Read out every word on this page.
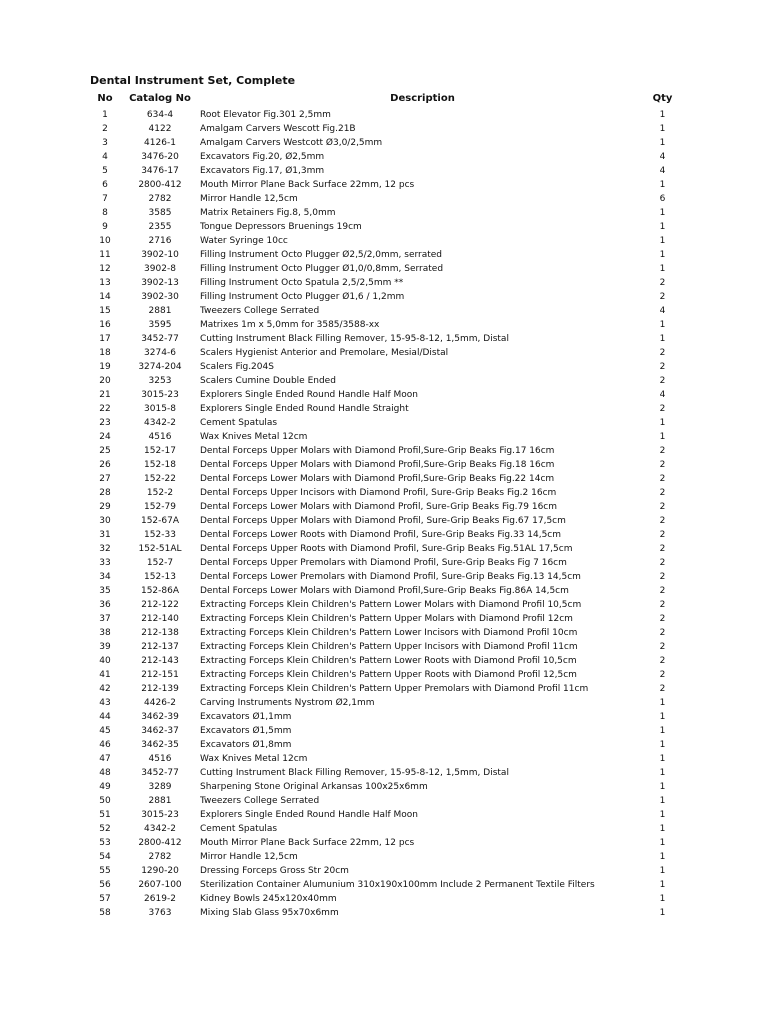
Dental Instrument Set, Complete
No	Catalog No	Description	Qty
1	634-4	Root Elevator Fig.301 2,5mm	1
2	4122	Amalgam Carvers Wescott Fig.21B	1
3	4126-1	Amalgam Carvers Westcott Ø3,0/2,5mm	1
4	3476-20	Excavators Fig.20, Ø2,5mm	4
5	3476-17	Excavators Fig.17, Ø1,3mm	4
6	2800-412	Mouth Mirror Plane Back Surface 22mm, 12 pcs	1
7	2782	Mirror Handle 12,5cm	6
8	3585	Matrix Retainers Fig.8, 5,0mm	1
9	2355	Tongue Depressors Bruenings 19cm	1
10	2716	Water Syringe 10cc	1
11	3902-10	Filling Instrument Octo Plugger Ø2,5/2,0mm, serrated	1
12	3902-8	Filling Instrument Octo Plugger Ø1,0/0,8mm, Serrated	1
13	3902-13	Filling Instrument Octo Spatula 2,5/2,5mm **	2
14	3902-30	Filling Instrument Octo Plugger Ø1,6 / 1,2mm	2
15	2881	Tweezers College Serrated	4
16	3595	Matrixes 1m x 5,0mm for 3585/3588-xx	1
17	3452-77	Cutting Instrument Black Filling Remover, 15-95-8-12, 1,5mm, Distal	1
18	3274-6	Scalers Hygienist Anterior and Premolare, Mesial/Distal	2
19	3274-204	Scalers Fig.204S	2
20	3253	Scalers Cumine Double Ended	2
21	3015-23	Explorers Single Ended Round Handle Half Moon	4
22	3015-8	Explorers Single Ended Round Handle Straight	2
23	4342-2	Cement Spatulas	1
24	4516	Wax Knives Metal 12cm	1
25	152-17	Dental Forceps Upper Molars with Diamond Profil,Sure-Grip Beaks Fig.17 16cm	2
26	152-18	Dental Forceps Upper Molars with Diamond Profil,Sure-Grip Beaks Fig.18 16cm	2
27	152-22	Dental Forceps Lower Molars with Diamond Profil,Sure-Grip Beaks Fig.22 14cm	2
28	152-2	Dental Forceps Upper Incisors with Diamond Profil, Sure-Grip Beaks Fig.2 16cm	2
29	152-79	Dental Forceps Lower Molars with Diamond Profil, Sure-Grip Beaks Fig.79 16cm	2
30	152-67A	Dental Forceps Upper Molars with Diamond Profil, Sure-Grip Beaks Fig.67 17,5cm	2
31	152-33	Dental Forceps Lower Roots with Diamond Profil, Sure-Grip Beaks Fig.33 14,5cm	2
32	152-51AL	Dental Forceps Upper Roots with Diamond Profil, Sure-Grip Beaks Fig.51AL 17,5cm	2
33	152-7	Dental Forceps Upper Premolars with Diamond Profil, Sure-Grip Beaks Fig 7 16cm	2
34	152-13	Dental Forceps Lower Premolars with Diamond Profil, Sure-Grip Beaks Fig.13 14,5cm	2
35	152-86A	Dental Forceps Lower Molars with Diamond Profil,Sure-Grip Beaks Fig.86A 14,5cm	2
36	212-122	Extracting Forceps Klein Children's Pattern Lower Molars with Diamond Profil 10,5cm	2
37	212-140	Extracting Forceps Klein Children's Pattern Upper Molars with Diamond Profil 12cm	2
38	212-138	Extracting Forceps Klein Children's Pattern Lower Incisors with Diamond Profil 10cm	2
39	212-137	Extracting Forceps Klein Children's Pattern Upper Incisors with Diamond Profil 11cm	2
40	212-143	Extracting Forceps Klein Children's Pattern Lower Roots with Diamond Profil 10,5cm	2
41	212-151	Extracting Forceps Klein Children's Pattern Upper Roots with Diamond Profil 12,5cm	2
42	212-139	Extracting Forceps Klein Children's Pattern Upper Premolars with Diamond Profil 11cm	2
43	4426-2	Carving Instruments Nystrom Ø2,1mm	1
44	3462-39	Excavators Ø1,1mm	1
45	3462-37	Excavators Ø1,5mm	1
46	3462-35	Excavators Ø1,8mm	1
47	4516	Wax Knives Metal 12cm	1
48	3452-77	Cutting Instrument Black Filling Remover, 15-95-8-12, 1,5mm, Distal	1
49	3289	Sharpening Stone Original Arkansas 100x25x6mm	1
50	2881	Tweezers College Serrated	1
51	3015-23	Explorers Single Ended Round Handle Half Moon	1
52	4342-2	Cement Spatulas	1
53	2800-412	Mouth Mirror Plane Back Surface 22mm, 12 pcs	1
54	2782	Mirror Handle 12,5cm	1
55	1290-20	Dressing Forceps Gross Str 20cm	1
56	2607-100	Sterilization Container Alumunium 310x190x100mm Include 2 Permanent Textile Filters	1
57	2619-2	Kidney Bowls 245x120x40mm	1
58	3763	Mixing Slab Glass 95x70x6mm	1
